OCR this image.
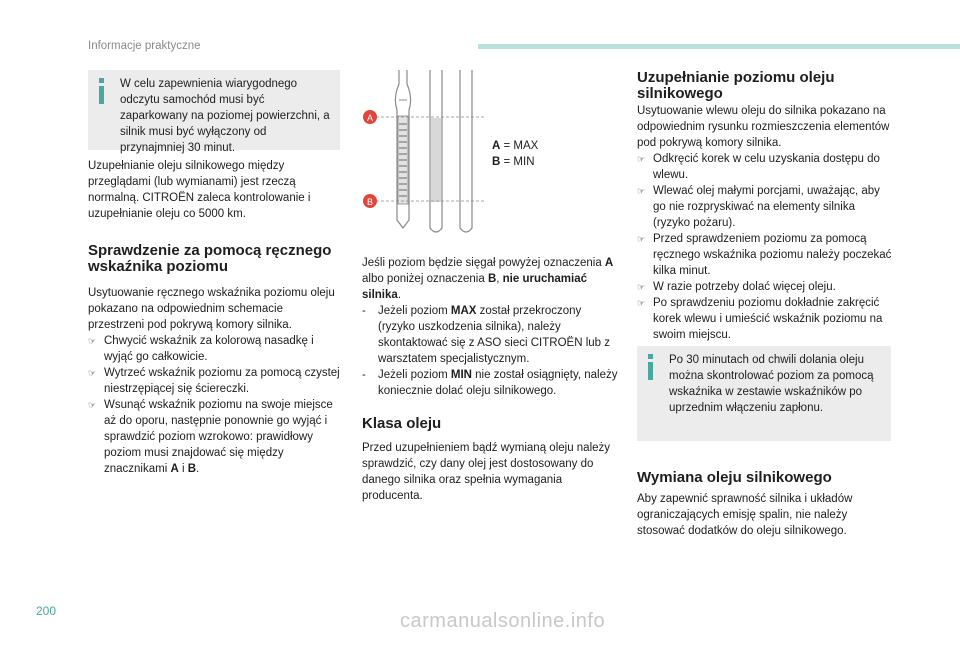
Informacje praktyczne

W celu zapewnienia wiarygodnego odczytu samochód musi być zaparkowany na poziomej powierzchni, a silnik musi być wyłączony od przynajmniej 30 minut.

Uzupełnianie oleju silnikowego między przeglądami (lub wymianami) jest rzeczą normalną. CITROËN zaleca kontrolowanie i uzupełnianie oleju co 5000 km.

Sprawdzenie za pomocą ręcznego wskaźnika poziomu

Usytuowanie ręcznego wskaźnika poziomu oleju pokazano na odpowiednim schemacie przestrzeni pod pokrywą komory silnika.

☞ Chwycić wskaźnik za kolorową nasadkę i wyjąć go całkowicie.
☞ Wytrzeć wskaźnik poziomu za pomocą czystej niestrzępiącej się ściereczki.
☞ Wsunąć wskaźnik poziomu na swoje miejsce aż do oporu, następnie ponownie go wyjąć i sprawdzić poziom wzrokowo: prawidłowy poziom musi znajdować się między znacznikami A i B.
A
B
A = MAX
B = MIN

Jeśli poziom będzie sięgał powyżej oznaczenia A albo poniżej oznaczenia B, nie uruchamiać silnika.

- Jeżeli poziom MAX został przekroczony (ryzyko uszkodzenia silnika), należy skontaktować się z ASO sieci CITROËN lub z warsztatem specjalistycznym.
- Jeżeli poziom MIN nie został osiągnięty, należy koniecznie dolać oleju silnikowego.
Klasa oleju

Przed uzupełnieniem bądź wymianą oleju należy sprawdzić, czy dany olej jest dostosowany do danego silnika oraz spełnia wymagania producenta.

Uzupełnianie poziomu oleju silnikowego

Usytuowanie wlewu oleju do silnika pokazano na odpowiednim rysunku rozmieszczenia elementów pod pokrywą komory silnika.

☞ Odkręcić korek w celu uzyskania dostępu do wlewu.
☞ Wlewać olej małymi porcjami, uważając, aby go nie rozpryskiwać na elementy silnika (ryzyko pożaru).
☞ Przed sprawdzeniem poziomu za pomocą ręcznego wskaźnika poziomu należy poczekać kilka minut.
☞ W razie potrzeby dolać więcej oleju.
☞ Po sprawdzeniu poziomu dokładnie zakręcić korek wlewu i umieścić wskaźnik poziomu na swoim miejscu.

Po 30 minutach od chwili dolania oleju można skontrolować poziom za pomocą wskaźnika w zestawie wskaźników po uprzednim włączeniu zapłonu.

Wymiana oleju silnikowego

Aby zapewnić sprawność silnika i układów ograniczających emisję spalin, nie należy stosować dodatków do oleju silnikowego.

200	carmanualsonline.info
